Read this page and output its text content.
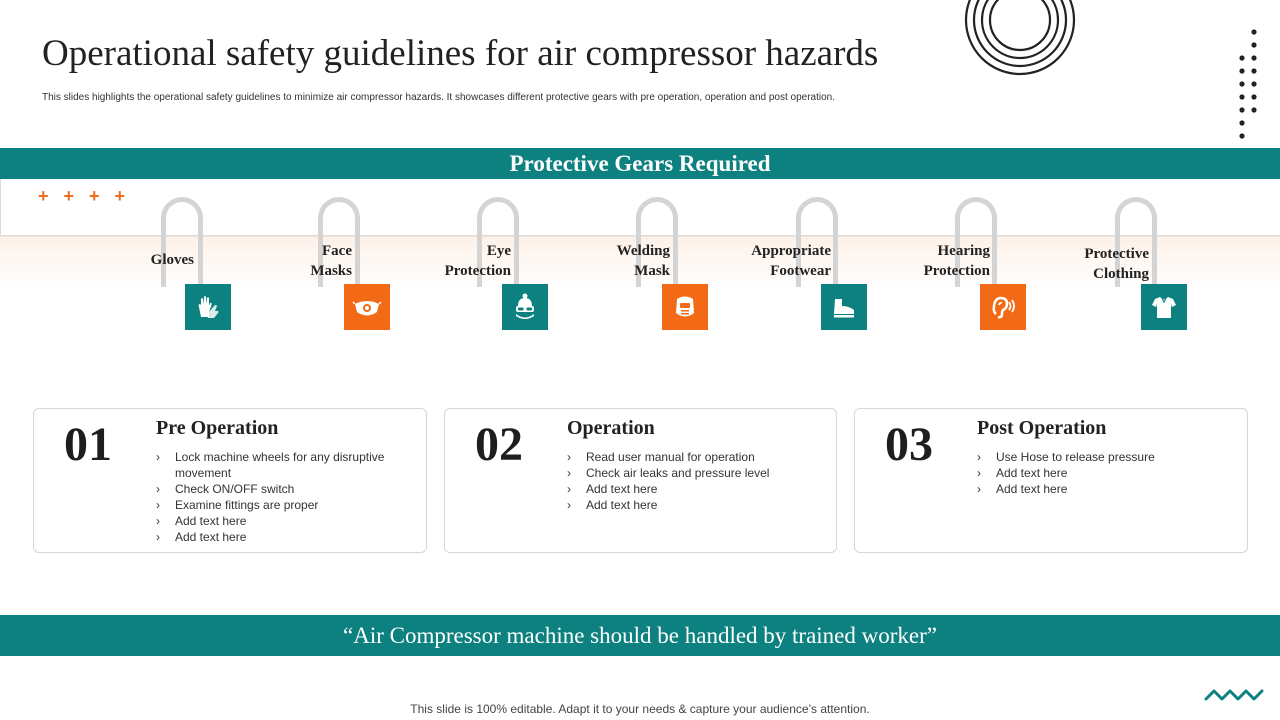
Operational safety guidelines for air compressor hazards
This slides highlights the operational safety guidelines to minimize air compressor hazards. It showcases different protective gears with pre operation, operation and post operation.
Protective Gears Required
+ + + +
Gloves
Face
Masks
Eye
Protection
Welding
Mask
Appropriate
Footwear
Hearing
Protection
Protective
Clothing
01 Pre Operation
› Lock machine wheels for any disruptive movement
› Check ON/OFF switch
› Examine fittings are proper
› Add text here
› Add text here
02 Operation
› Read user manual for operation
› Check air leaks and pressure level
› Add text here
› Add text here
03 Post Operation
› Use Hose to release pressure
› Add text here
› Add text here
“Air Compressor machine should be handled by trained worker”
This slide is 100% editable. Adapt it to your needs & capture your audience’s attention.
